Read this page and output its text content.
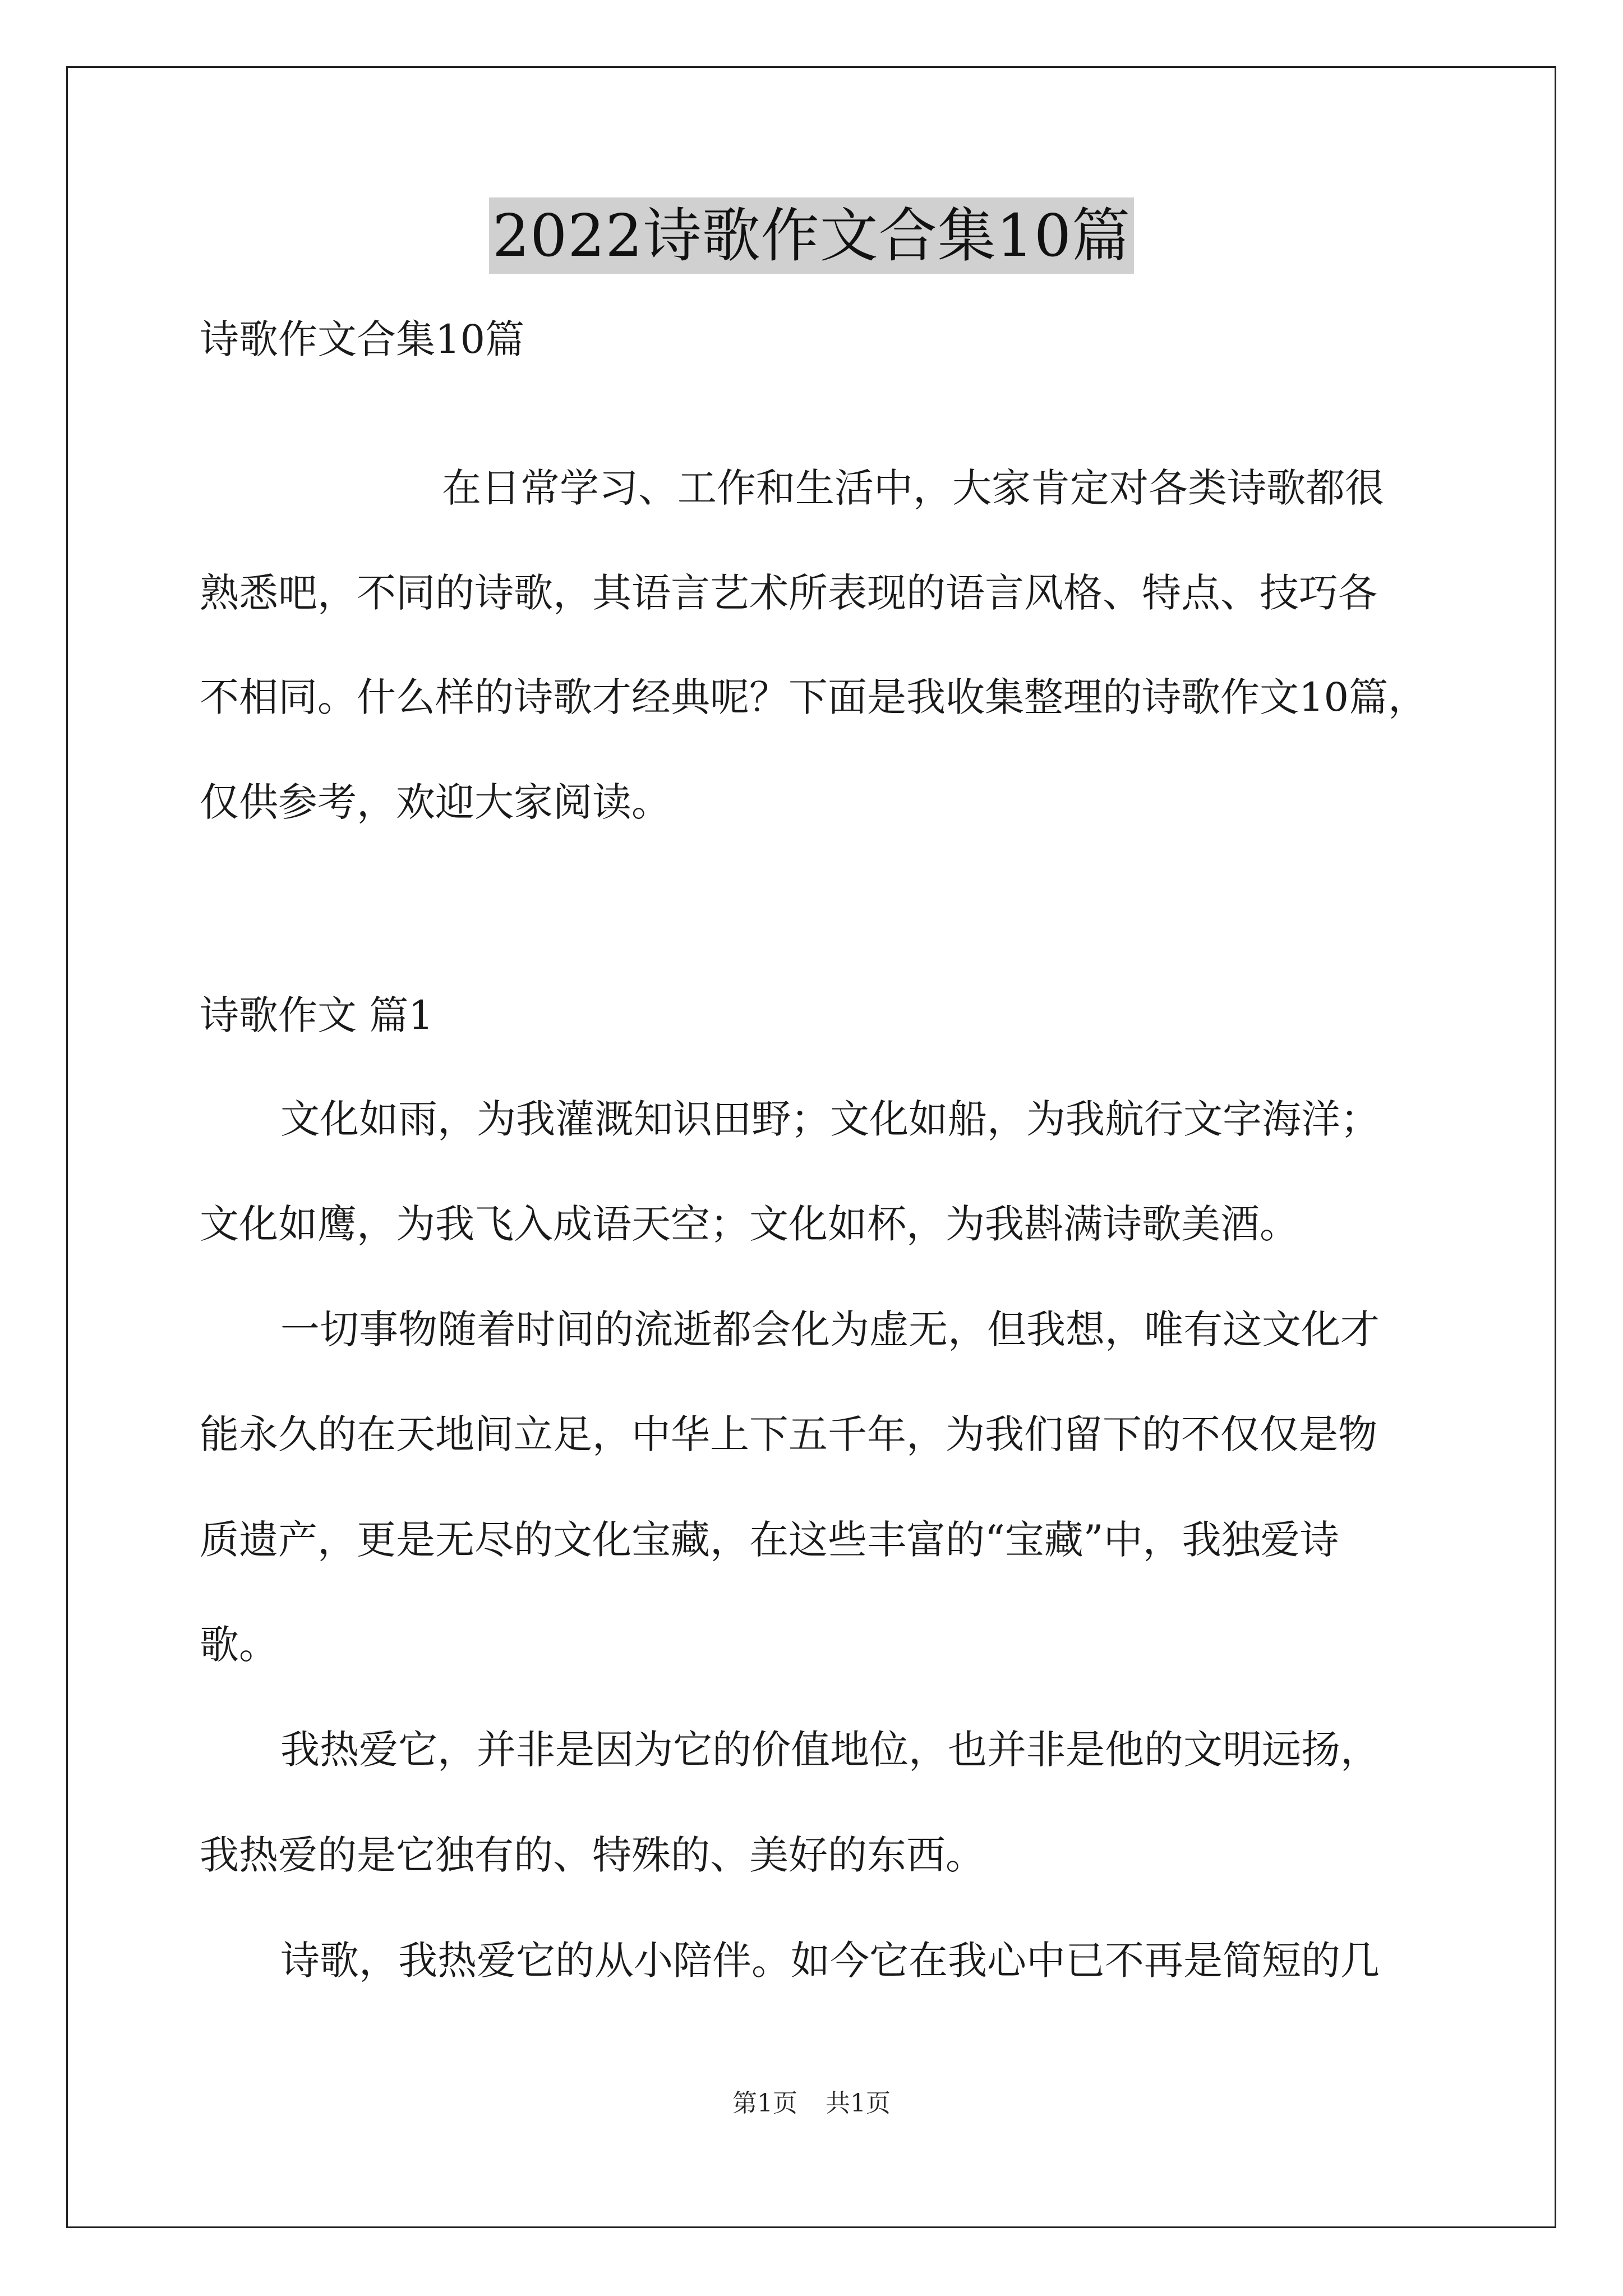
2022诗歌作文合集10篇
诗歌作文合集10篇
在日常学习、工作和生活中，大家肯定对各类诗歌都很
熟悉吧，不同的诗歌，其语言艺术所表现的语言风格、特点、技巧各
不相同。什么样的诗歌才经典呢？下面是我收集整理的诗歌作文10篇，
仅供参考，欢迎大家阅读。
诗歌作文 篇1
文化如雨，为我灌溉知识田野；文化如船，为我航行文字海洋；
文化如鹰，为我飞入成语天空；文化如杯，为我斟满诗歌美酒。
一切事物随着时间的流逝都会化为虚无，但我想，唯有这文化才
能永久的在天地间立足，中华上下五千年，为我们留下的不仅仅是物
质遗产，更是无尽的文化宝藏，在这些丰富的“宝藏”中，我独爱诗
歌。
我热爱它，并非是因为它的价值地位，也并非是他的文明远扬，
我热爱的是它独有的、特殊的、美好的东西。
诗歌，我热爱它的从小陪伴。如今它在我心中已不再是简短的几
第1页 共1页
